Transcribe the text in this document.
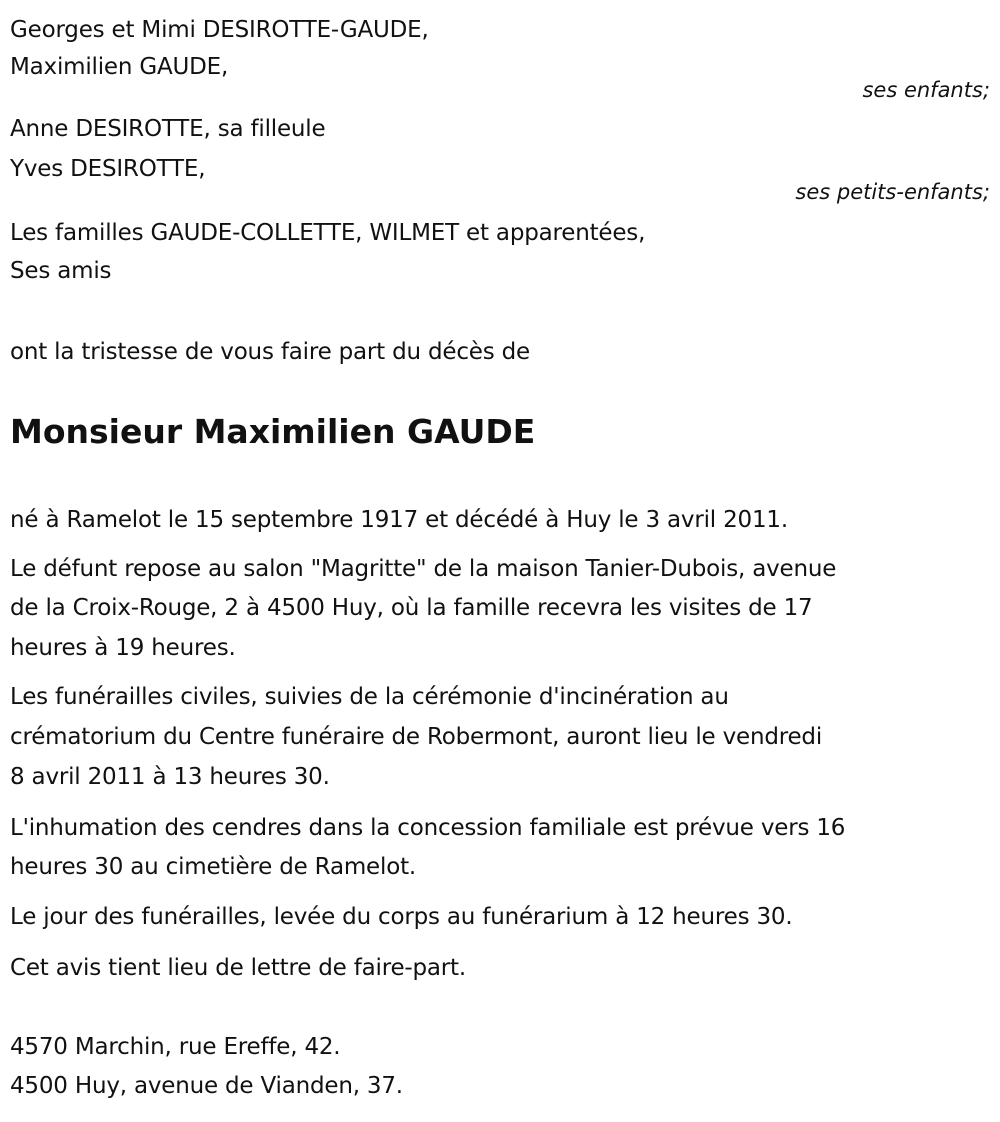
Georges et Mimi DESIROTTE-GAUDE,
Maximilien GAUDE,
ses enfants;
Anne DESIROTTE, sa filleule
Yves DESIROTTE,
ses petits-enfants;
Les familles GAUDE-COLLETTE, WILMET et apparentées,
Ses amis
ont la tristesse de vous faire part du décès de
Monsieur Maximilien GAUDE
né à Ramelot le 15 septembre 1917 et décédé à Huy le 3 avril 2011.
Le défunt repose au salon "Magritte" de la maison Tanier-Dubois, avenue
de la Croix-Rouge, 2 à 4500 Huy, où la famille recevra les visites de 17
heures à 19 heures.
Les funérailles civiles, suivies de la cérémonie d'incinération au
crématorium du Centre funéraire de Robermont, auront lieu le vendredi
8 avril 2011 à 13 heures 30.
L'inhumation des cendres dans la concession familiale est prévue vers 16
heures 30 au cimetière de Ramelot.
Le jour des funérailles, levée du corps au funérarium à 12 heures 30.
Cet avis tient lieu de lettre de faire-part.
4570 Marchin, rue Ereffe, 42.
4500 Huy, avenue de Vianden, 37.
